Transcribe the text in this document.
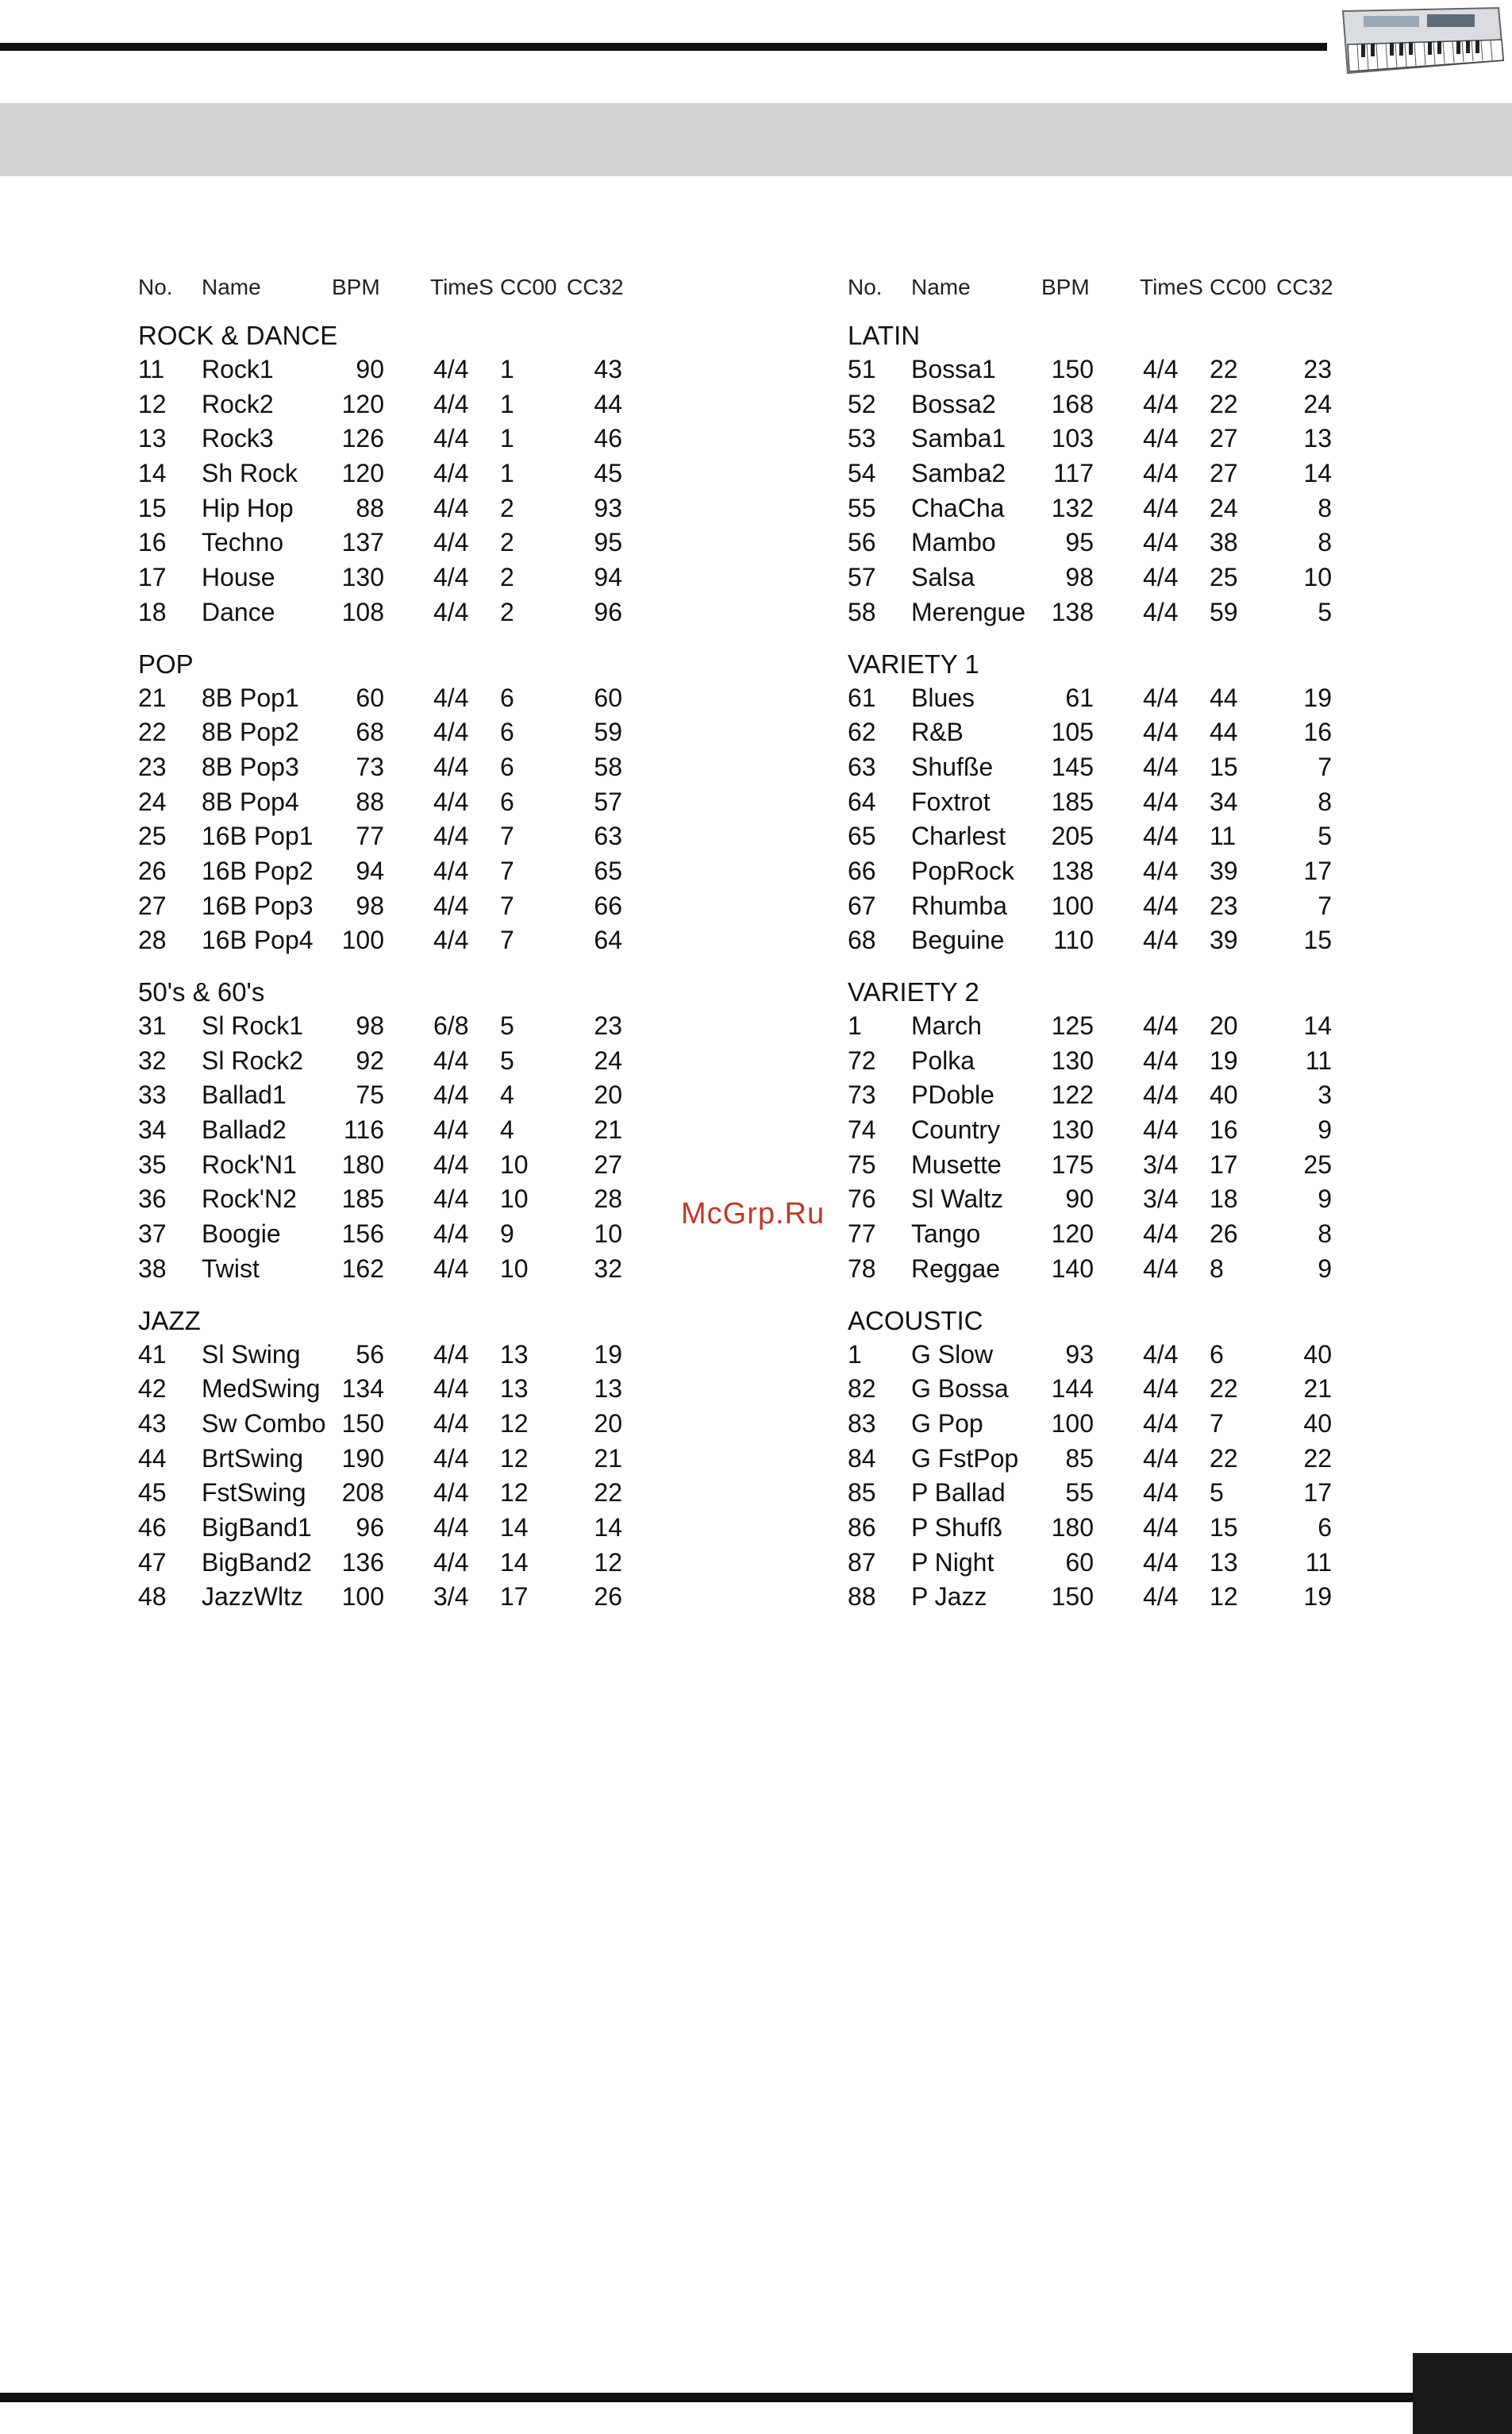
No.	Name	BPM	TimeS CC00 CC32
ROCK & DANCE
11	Rock1	90	4/4	1	43
12	Rock2	120	4/4	1	44
13	Rock3	126	4/4	1	46
14	Sh Rock	120	4/4	1	45
15	Hip Hop	88	4/4	2	93
16	Techno	137	4/4	2	95
17	House	130	4/4	2	94
18	Dance	108	4/4	2	96
POP
21	8B Pop1	60	4/4	6	60
22	8B Pop2	68	4/4	6	59
23	8B Pop3	73	4/4	6	58
24	8B Pop4	88	4/4	6	57
25	16B Pop1	77	4/4	7	63
26	16B Pop2	94	4/4	7	65
27	16B Pop3	98	4/4	7	66
28	16B Pop4	100	4/4	7	64
50's & 60's
31	Sl Rock1	98	6/8	5	23
32	Sl Rock2	92	4/4	5	24
33	Ballad1	75	4/4	4	20
34	Ballad2	116	4/4	4	21
35	Rock'N1	180	4/4	10	27
36	Rock'N2	185	4/4	10	28
37	Boogie	156	4/4	9	10
38	Twist	162	4/4	10	32
JAZZ
41	Sl Swing	56	4/4	13	19
42	MedSwing 134	4/4	13	13
43	Sw Combo 150	4/4	12	20
44	BrtSwing	190	4/4	12	21
45	FstSwing	208	4/4	12	22
46	BigBand1	96	4/4	14	14
47	BigBand2	136	4/4	14	12
48	JazzWltz	100	3/4	17	26
No.	Name	BPM	TimeS CC00 CC32
LATIN
51	Bossa1	150	4/4	22	23
52	Bossa2	168	4/4	22	24
53	Samba1	103	4/4	27	13
54	Samba2	117	4/4	27	14
55	ChaCha	132	4/4	24	8
56	Mambo	95	4/4	38	8
57	Salsa	98	4/4	25	10
58	Merengue	138	4/4	59	5
VARIETY 1
61	Blues	61	4/4	44	19
62	R&B	105	4/4	44	16
63	Shufße	145	4/4	15	7
64	Foxtrot	185	4/4	34	8
65	Charlest	205	4/4	11	5
66	PopRock	138	4/4	39	17
67	Rhumba	100	4/4	23	7
68	Beguine	110	4/4	39	15
VARIETY 2
1	March	125	4/4	20	14
72	Polka	130	4/4	19	11
73	PDoble	122	4/4	40	3
74	Country	130	4/4	16	9
75	Musette	175	3/4	17	25
76	Sl Waltz	90	3/4	18	9
77	Tango	120	4/4	26	8
78	Reggae	140	4/4	8	9
ACOUSTIC
1	G Slow	93	4/4	6	40
82	G Bossa	144	4/4	22	21
83	G Pop	100	4/4	7	40
84	G FstPop	85	4/4	22	22
85	P Ballad	55	4/4	5	17
86	P Shufß	180	4/4	15	6
87	P Night	60	4/4	13	11
88	P Jazz	150	4/4	12	19
McGrp.Ru
